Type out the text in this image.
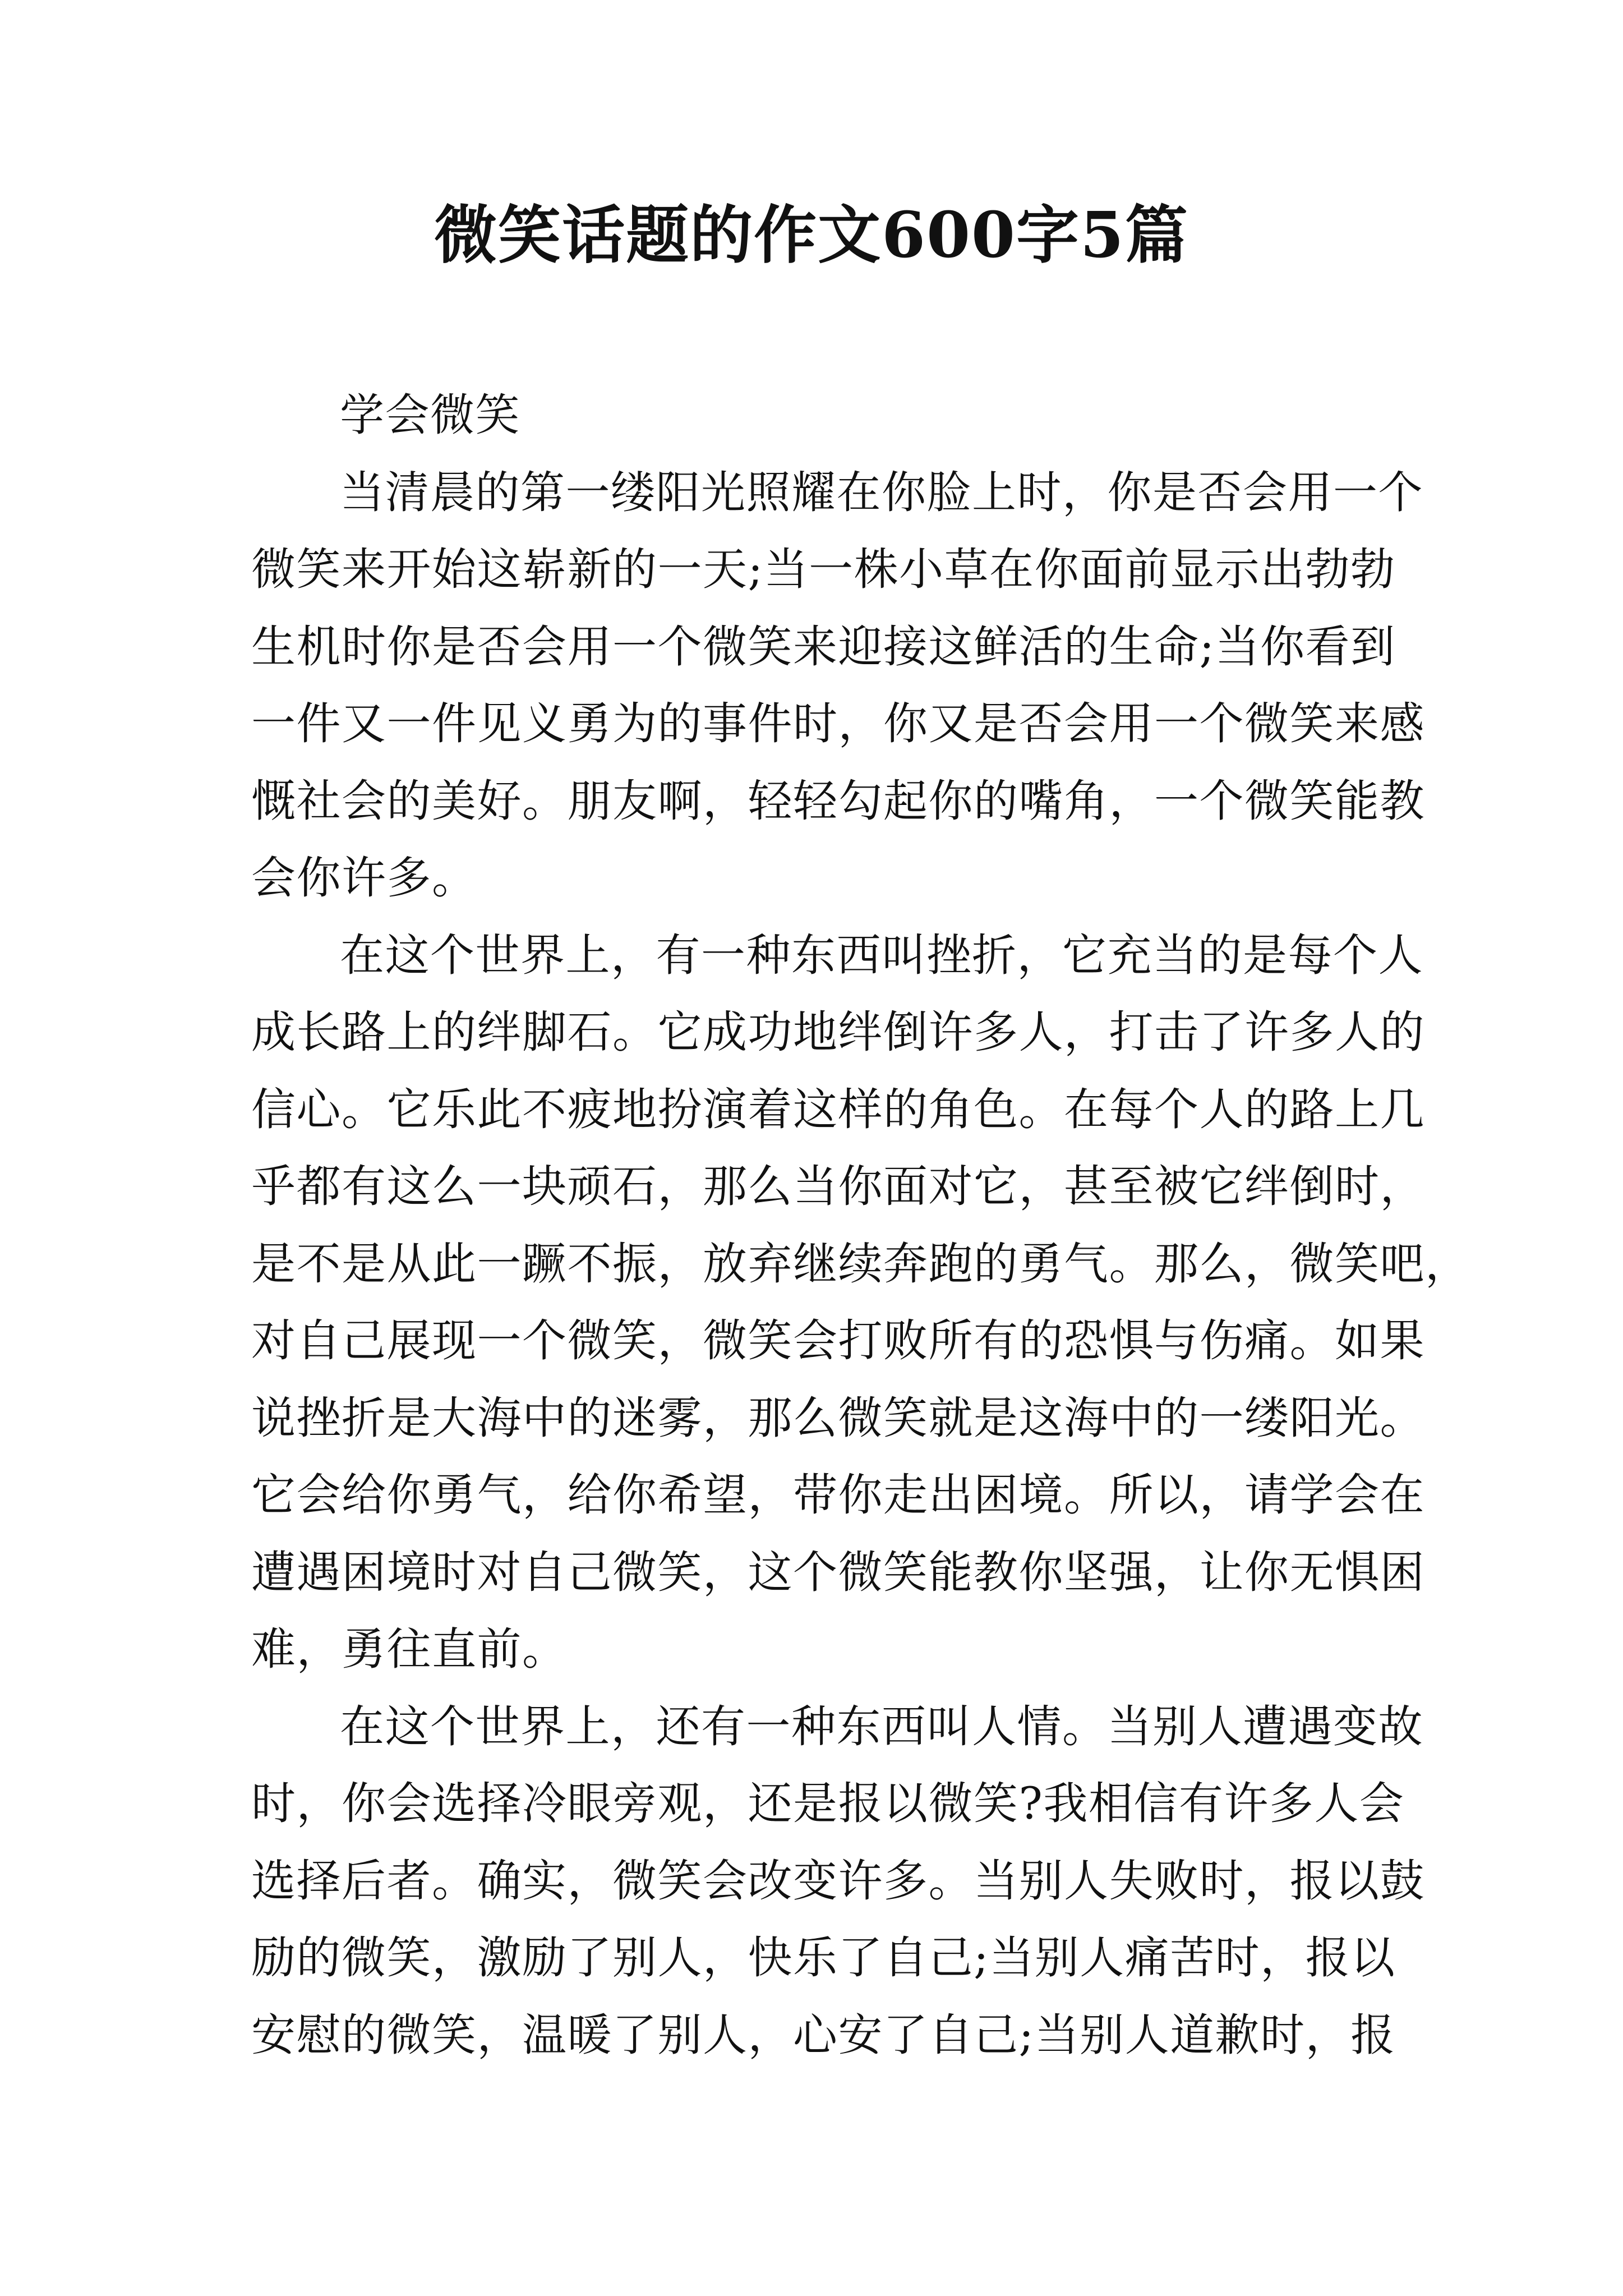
微笑话题的作文600字5篇
学会微笑
当清晨的第一缕阳光照耀在你脸上时，你是否会用一个
微笑来开始这崭新的一天;当一株小草在你面前显示出勃勃
生机时你是否会用一个微笑来迎接这鲜活的生命;当你看到
一件又一件见义勇为的事件时，你又是否会用一个微笑来感
慨社会的美好。朋友啊，轻轻勾起你的嘴角，一个微笑能教
会你许多。
在这个世界上，有一种东西叫挫折，它充当的是每个人
成长路上的绊脚石。它成功地绊倒许多人，打击了许多人的
信心。它乐此不疲地扮演着这样的角色。在每个人的路上几
乎都有这么一块顽石，那么当你面对它，甚至被它绊倒时，
是不是从此一蹶不振，放弃继续奔跑的勇气。那么，微笑吧，
对自己展现一个微笑，微笑会打败所有的恐惧与伤痛。如果
说挫折是大海中的迷雾，那么微笑就是这海中的一缕阳光。
它会给你勇气，给你希望，带你走出困境。所以，请学会在
遭遇困境时对自己微笑，这个微笑能教你坚强，让你无惧困
难，勇往直前。
在这个世界上，还有一种东西叫人情。当别人遭遇变故
时，你会选择冷眼旁观，还是报以微笑?我相信有许多人会
选择后者。确实，微笑会改变许多。当别人失败时，报以鼓
励的微笑，激励了别人，快乐了自己;当别人痛苦时，报以
安慰的微笑，温暖了别人，心安了自己;当别人道歉时，报
